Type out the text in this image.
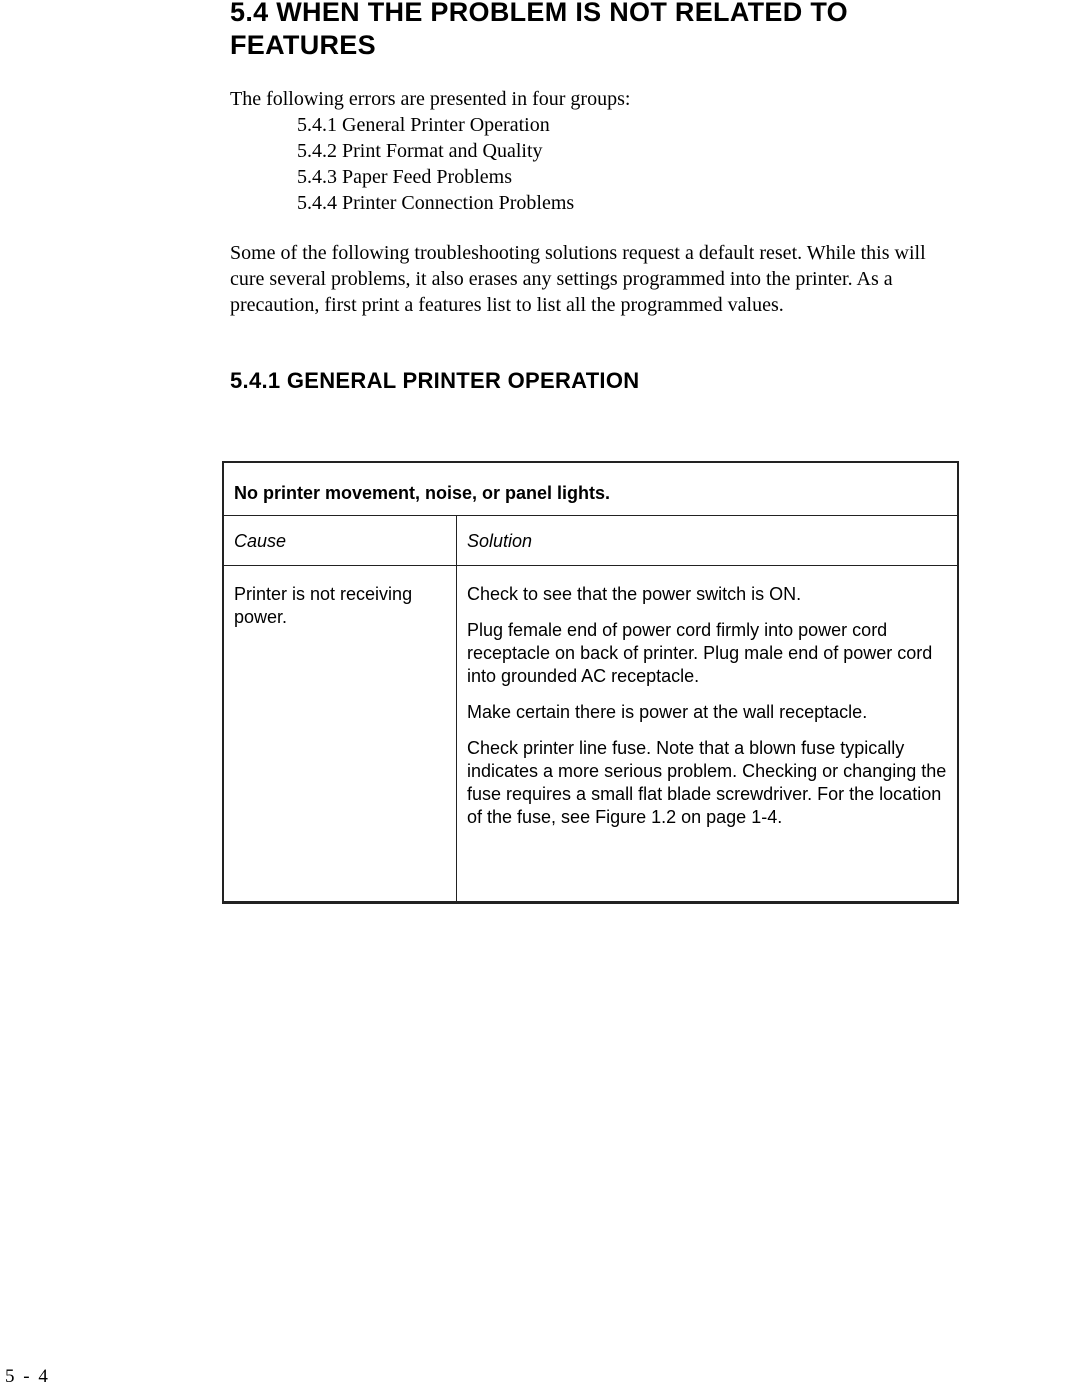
5.4 WHEN THE PROBLEM IS NOT RELATED TO FEATURES
The following errors are presented in four groups:
5.4.1 General Printer Operation
5.4.2 Print Format and Quality
5.4.3 Paper Feed Problems
5.4.4 Printer Connection Problems
Some of the following troubleshooting solutions request a default reset. While this will cure several problems, it also erases any settings programmed into the printer. As a precaution, first print a features list to list all the programmed values.
5.4.1 GENERAL PRINTER OPERATION
No printer movement, noise, or panel lights.
Cause	Solution
Printer is not receiving power.

Check to see that the power switch is ON.

Plug female end of power cord firmly into power cord receptacle on back of printer. Plug male end of power cord into grounded AC receptacle.

Make certain there is power at the wall receptacle.

Check printer line fuse. Note that a blown fuse typically indicates a more serious problem. Checking or changing the fuse requires a small flat blade screwdriver. For the location of the fuse, see Figure 1.2 on page 1-4.

5 - 4
